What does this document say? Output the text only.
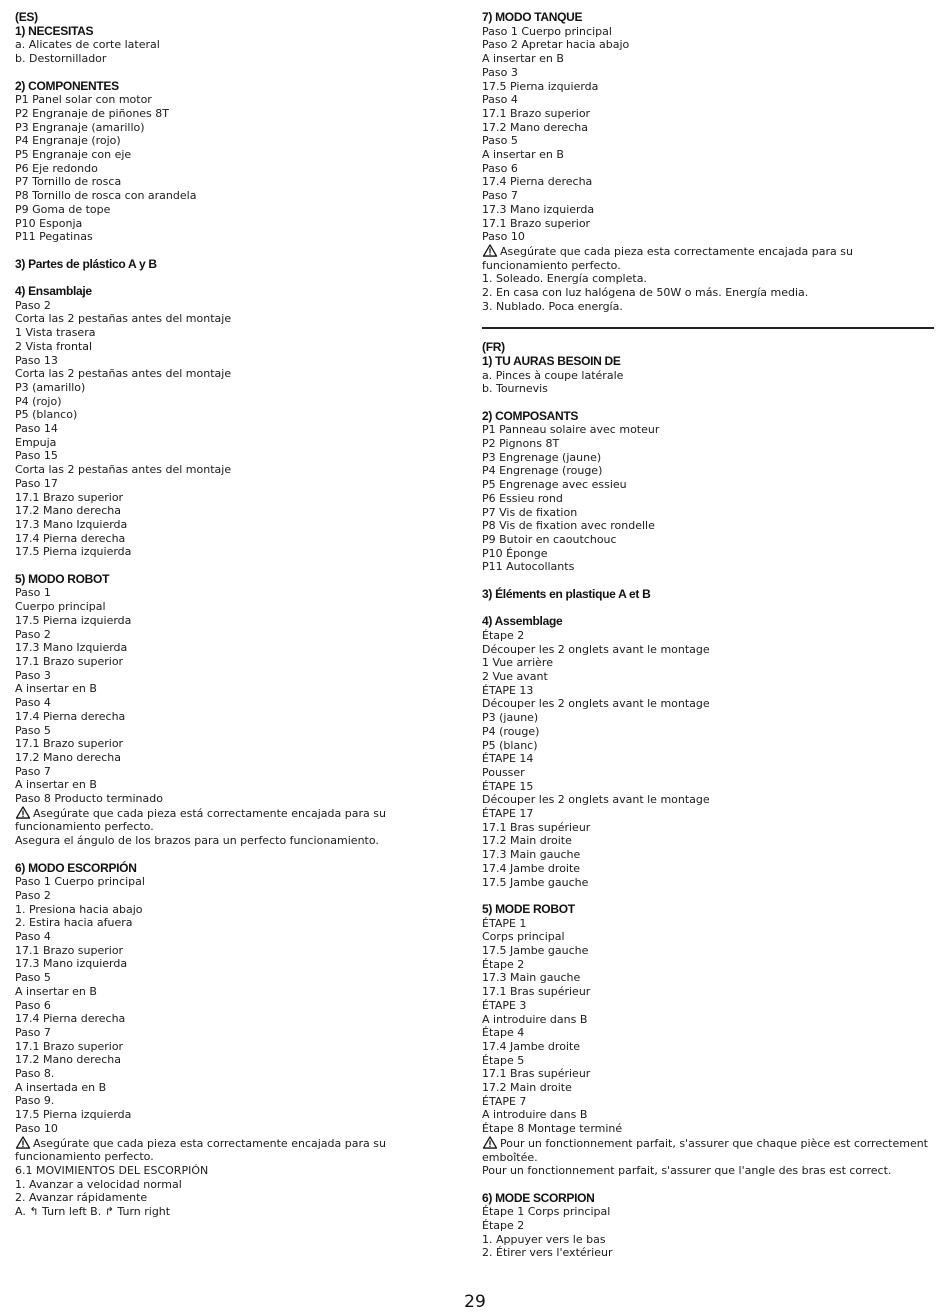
(ES)
1) NECESITAS
a. Alicates de corte lateral
b. Destornillador
2) COMPONENTES
P1 Panel solar con motor
P2 Engranaje de piñones 8T
P3 Engranaje (amarillo)
P4 Engranaje (rojo)
P5 Engranaje con eje
P6 Eje redondo
P7 Tornillo de rosca
P8 Tornillo de rosca con arandela
P9 Goma de tope
P10 Esponja
P11 Pegatinas
3) Partes de plástico A y B
4) Ensamblaje
Paso 2
Corta las 2 pestañas antes del montaje
1 Vista trasera
2 Vista frontal
Paso 13
Corta las 2 pestañas antes del montaje
P3 (amarillo)
P4 (rojo)
P5 (blanco)
Paso 14
Empuja
Paso 15
Corta las 2 pestañas antes del montaje
Paso 17
17.1 Brazo superior
17.2 Mano derecha
17.3 Mano Izquierda
17.4 Pierna derecha
17.5 Pierna izquierda
5) MODO ROBOT
Paso 1
Cuerpo principal
17.5 Pierna izquierda
Paso 2
17.3 Mano Izquierda
17.1 Brazo superior
Paso 3
A insertar en B
Paso 4
17.4 Pierna derecha
Paso 5
17.1 Brazo superior
17.2 Mano derecha
Paso 7
A insertar en B
Paso 8 Producto terminado
Asegúrate que cada pieza está correctamente encajada para su funcionamiento perfecto.
Asegura el ángulo de los brazos para un perfecto funcionamiento.
6) MODO ESCORPIÓN
Paso 1 Cuerpo principal
Paso 2
1. Presiona hacia abajo
2. Estira hacia afuera
Paso 4
17.1 Brazo superior
17.3 Mano izquierda
Paso 5
A insertar en B
Paso 6
17.4 Pierna derecha
Paso 7
17.1 Brazo superior
17.2 Mano derecha
Paso 8.
A insertada en B
Paso 9.
17.5 Pierna izquierda
Paso 10
Asegúrate que cada pieza esta correctamente encajada para su funcionamiento perfecto.
6.1 MOVIMIENTOS DEL ESCORPIÓN
1. Avanzar a velocidad normal
2. Avanzar rápidamente
A. ↰ Turn left B. ↱ Turn right
7) MODO TANQUE
Paso 1 Cuerpo principal
Paso 2 Apretar hacia abajo
A insertar en B
Paso 3
17.5 Pierna izquierda
Paso 4
17.1 Brazo superior
17.2 Mano derecha
Paso 5
A insertar en B
Paso 6
17.4 Pierna derecha
Paso 7
17.3 Mano izquierda
17.1 Brazo superior
Paso 10
Asegúrate que cada pieza esta correctamente encajada para su funcionamiento perfecto.
1. Soleado. Energía completa.
2. En casa con luz halógena de 50W o más. Energía media.
3. Nublado. Poca energía.
(FR)
1) TU AURAS BESOIN DE
a. Pinces à coupe latérale
b. Tournevis
2) COMPOSANTS
P1 Panneau solaire avec moteur
P2 Pignons 8T
P3 Engrenage (jaune)
P4 Engrenage (rouge)
P5 Engrenage avec essieu
P6 Essieu rond
P7 Vis de fixation
P8 Vis de fixation avec rondelle
P9 Butoir en caoutchouc
P10 Éponge
P11 Autocollants
3) Éléments en plastique A et B
4) Assemblage
Étape 2
Découper les 2 onglets avant le montage
1 Vue arrière
2 Vue avant
ÉTAPE 13
Découper les 2 onglets avant le montage
P3 (jaune)
P4 (rouge)
P5 (blanc)
ÉTAPE 14
Pousser
ÉTAPE 15
Découper les 2 onglets avant le montage
ÉTAPE 17
17.1 Bras supérieur
17.2 Main droite
17.3 Main gauche
17.4 Jambe droite
17.5 Jambe gauche
5) MODE ROBOT
ÉTAPE 1
Corps principal
17.5 Jambe gauche
Étape 2
17.3 Main gauche
17.1 Bras supérieur
ÉTAPE 3
A introduire dans B
Étape 4
17.4 Jambe droite
Étape 5
17.1 Bras supérieur
17.2 Main droite
ÉTAPE 7
A introduire dans B
Étape 8 Montage terminé
Pour un fonctionnement parfait, s'assurer que chaque pièce est correctement emboîtée.
Pour un fonctionnement parfait, s'assurer que l'angle des bras est correct.
6) MODE SCORPION
Étape 1 Corps principal
Étape 2
1. Appuyer vers le bas
2. Étirer vers l'extérieur
29
